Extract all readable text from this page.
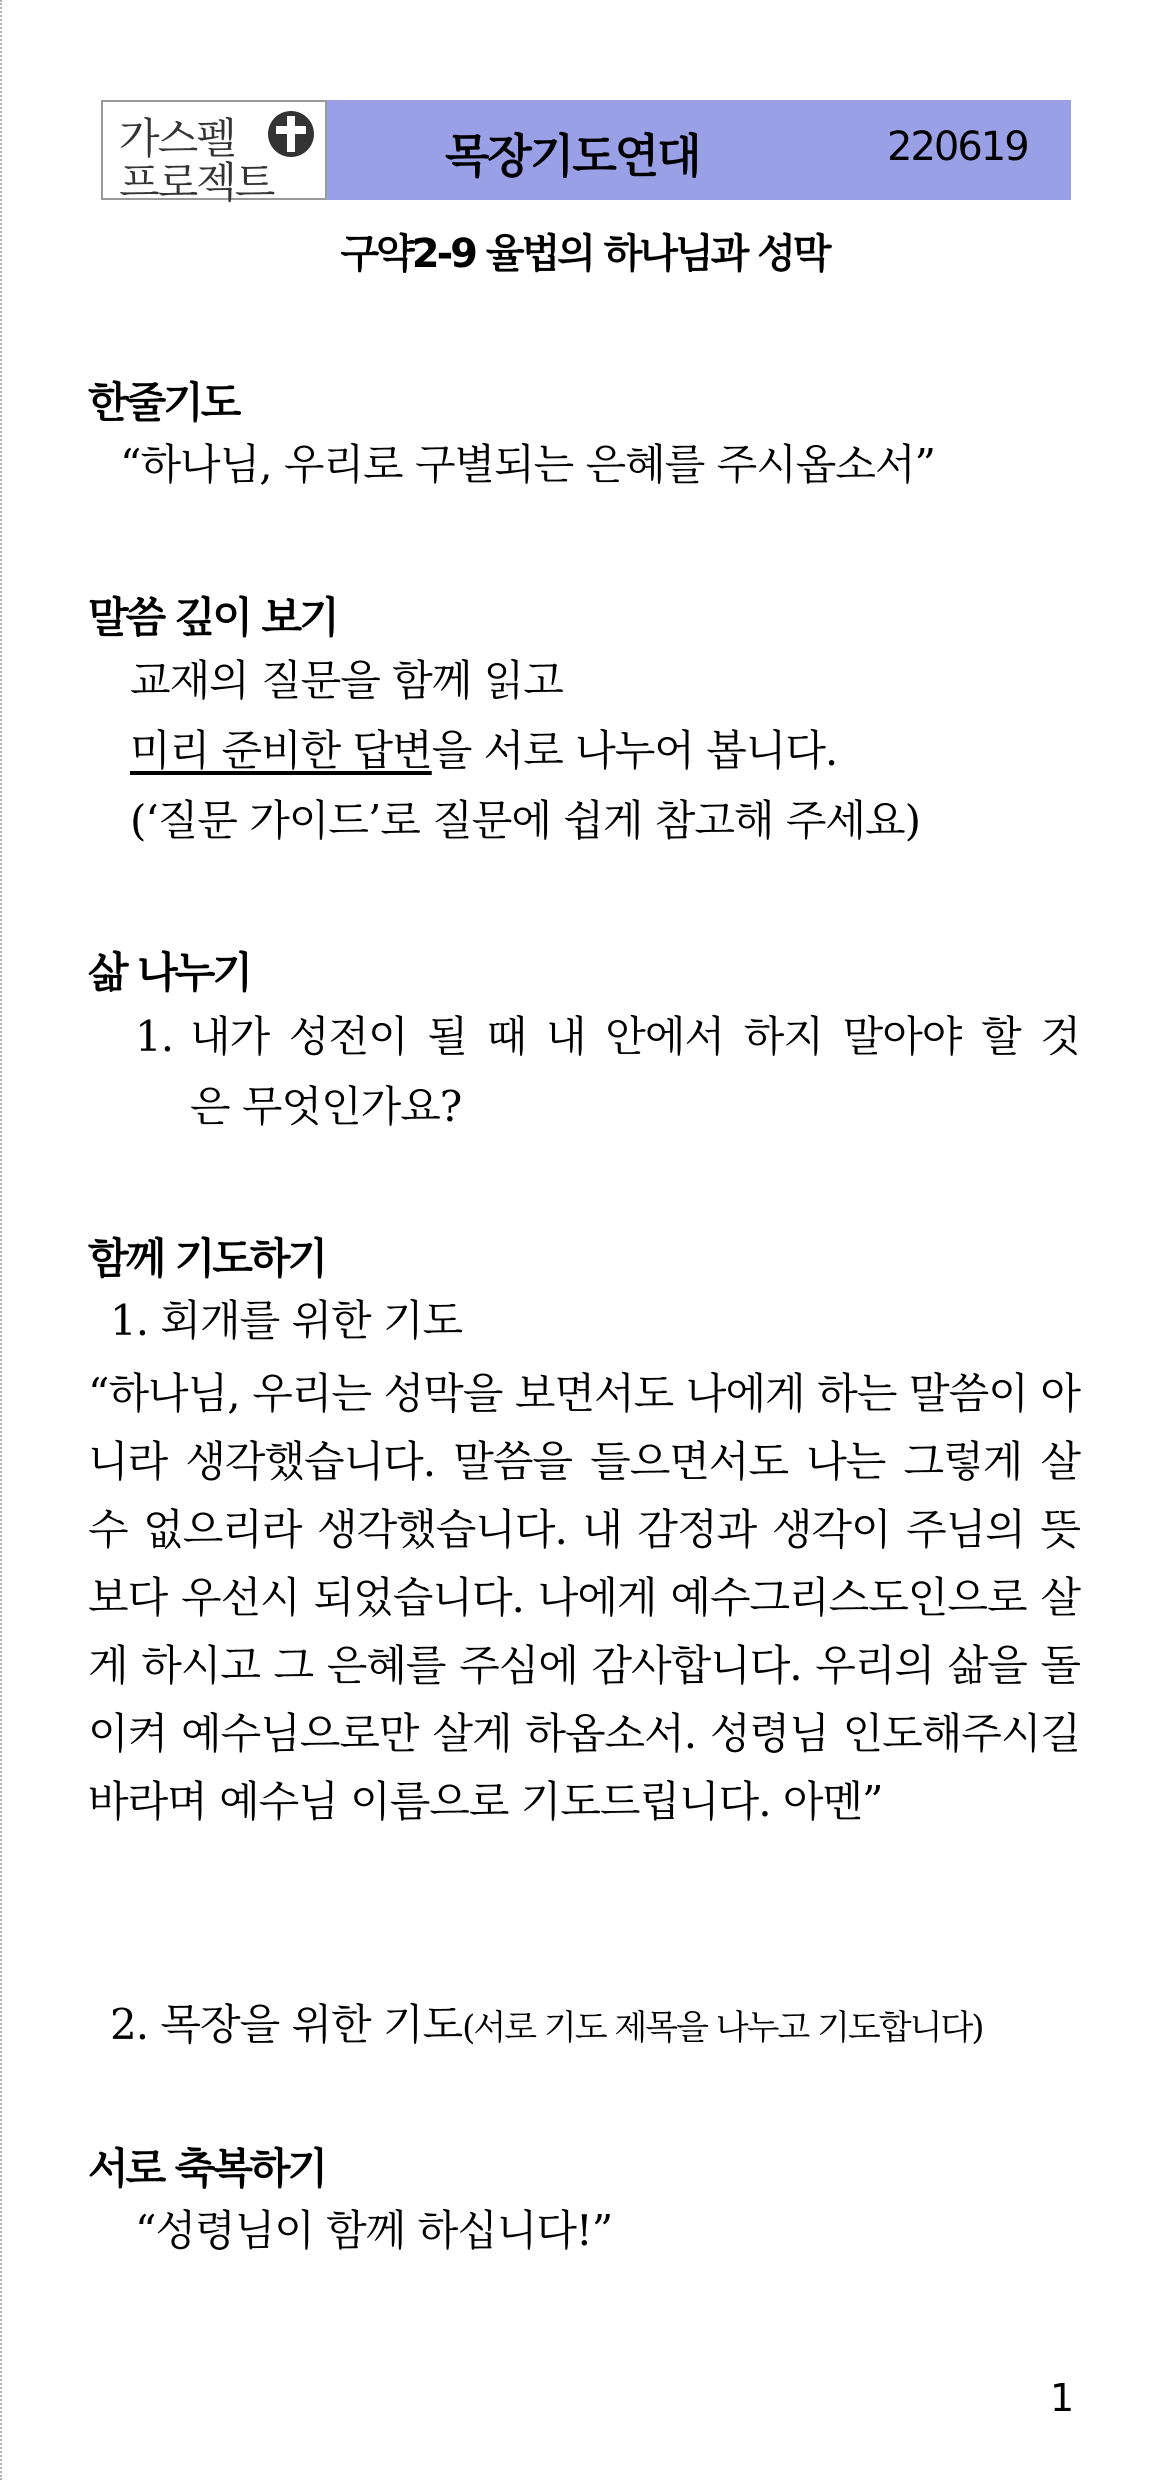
가스펠
프로젝트	목장기도연대	220619
구약2-9 율법의 하나님과 성막
한줄기도
“하나님, 우리로 구별되는 은혜를 주시옵소서”
말씀 깊이 보기
교재의 질문을 함께 읽고
미리 준비한 답변을 서로 나누어 봅니다.
(‘질문 가이드’로 질문에 쉽게 참고해 주세요)
삶 나누기
1. 내가 성전이 될 때 내 안에서 하지 말아야 할 것
은 무엇인가요?
함께 기도하기
1. 회개를 위한 기도
“하나님, 우리는 성막을 보면서도 나에게 하는 말씀이 아니라 생각했습니다. 말씀을 들으면서도 나는 그렇게 살 수 없으리라 생각했습니다. 내 감정과 생각이 주님의 뜻보다 우선시 되었습니다. 나에게 예수그리스도인으로 살게 하시고 그 은혜를 주심에 감사합니다. 우리의 삶을 돌이켜 예수님으로만 살게 하옵소서. 성령님 인도해주시길 바라며 예수님 이름으로 기도드립니다. 아멘”
2. 목장을 위한 기도(서로 기도 제목을 나누고 기도합니다)
서로 축복하기
“성령님이 함께 하십니다!”
1
